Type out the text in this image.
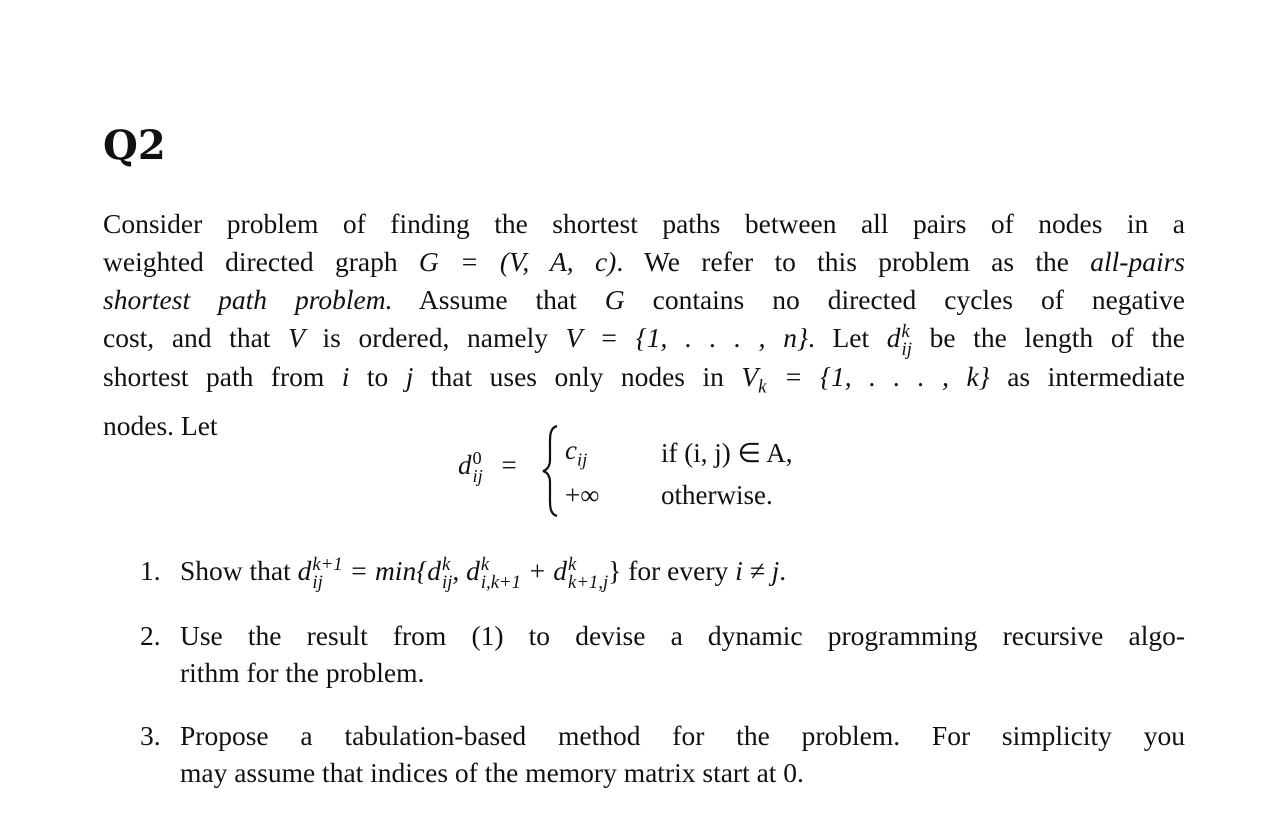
Q2
Consider problem of finding the shortest paths between all pairs of nodes in a
weighted directed graph G = (V, A, c). We refer to this problem as the all-pairs
shortest path problem. Assume that G contains no directed cycles of negative
cost, and that V is ordered, namely V = {1, . . . , n}. Let d k
ij be the length of the
shortest path from i to j that uses only nodes in $V_k = \{1$, . . . , k} as intermediate
nodes. Let
d 0
ij = $c_{ij}$	if (i, j) ∈ A,
+∞	otherwise.
1. Show that d k+1
ij = min{d k
ij , d k
i,k+1 + d k
k+1,j } for every i ≠ j.
2. Use the result from (1) to devise a dynamic programming recursive algo-
rithm for the problem.
3. Propose a tabulation-based method for the problem. For simplicity you
may assume that indices of the memory matrix start at 0.
